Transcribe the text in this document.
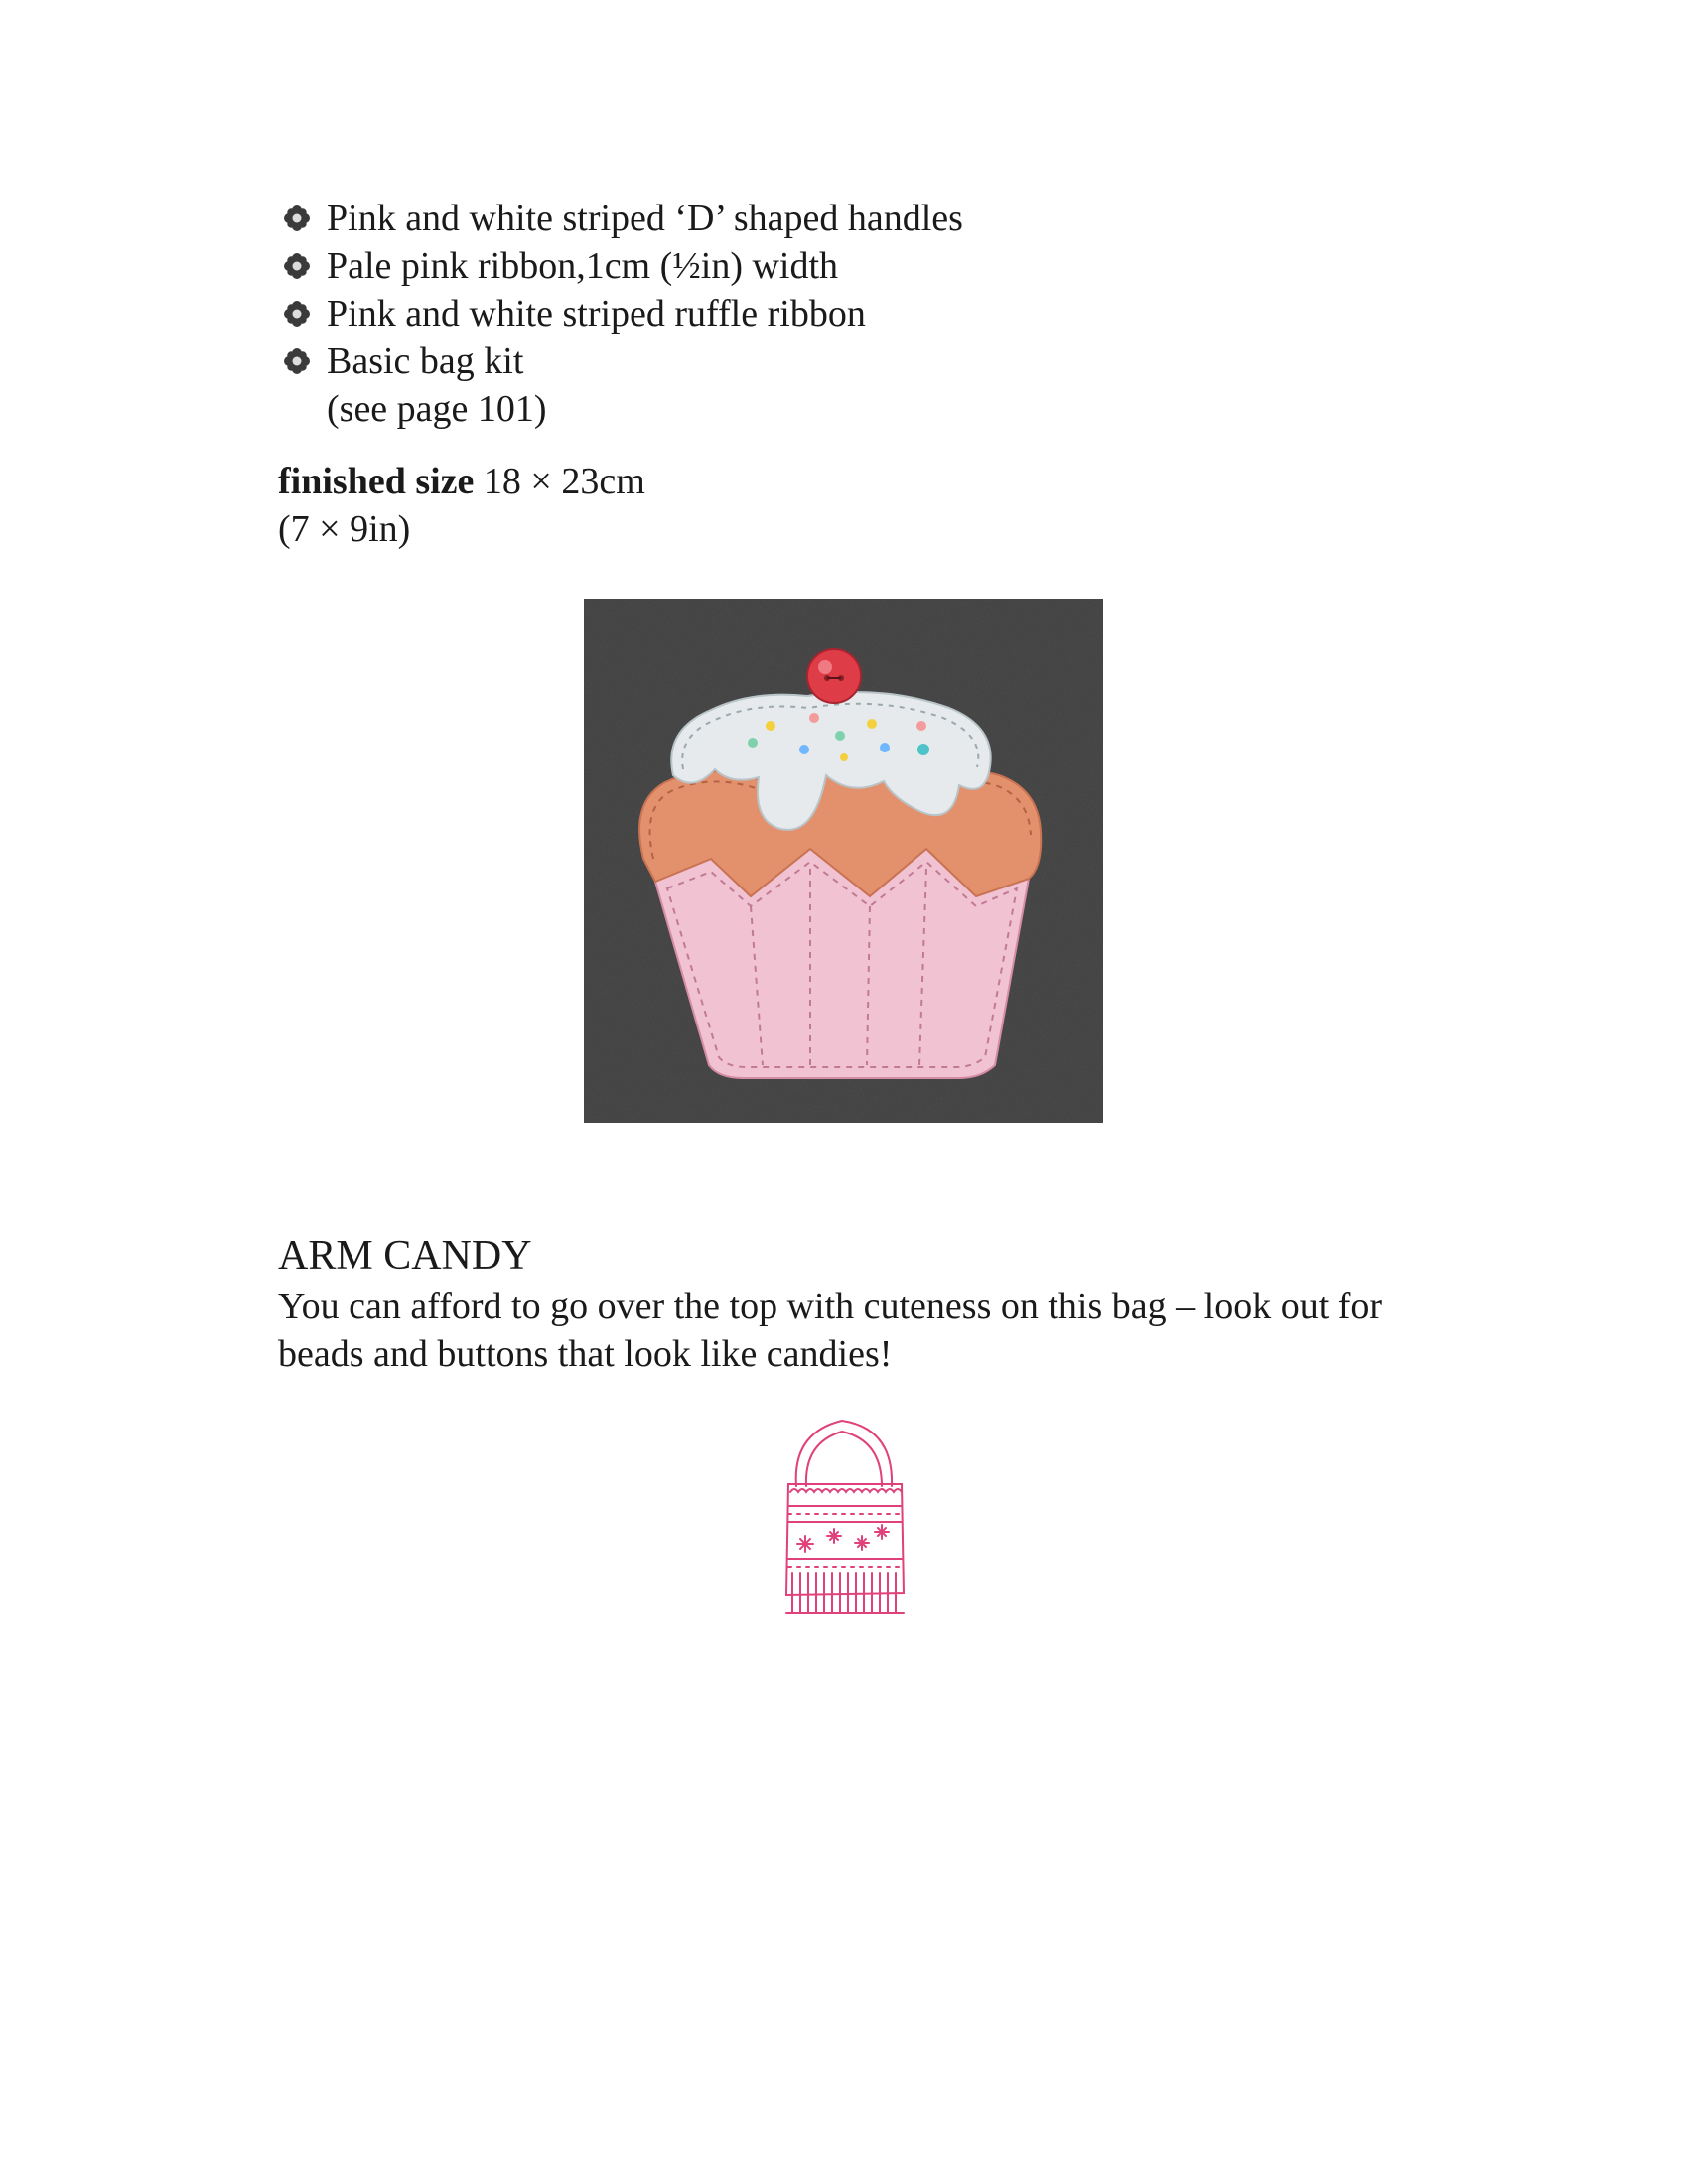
Pink and white striped ‘D’ shaped handles
Pale pink ribbon,1cm (½in) width
Pink and white striped ruffle ribbon
Basic bag kit
(see page 101)
finished size 18 × 23cm
(7 × 9in)
ARM CANDY
You can afford to go over the top with cuteness on this bag – look out for beads and buttons that look like candies!
